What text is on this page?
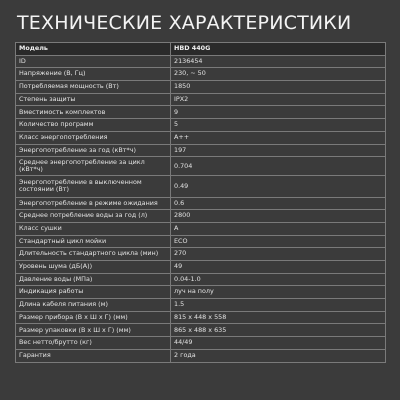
ТЕХНИЧЕСКИЕ ХАРАКТЕРИСТИКИ
Модель	HBD 440G
ID	2136454
Напряжение (В, Гц)	230, ~ 50
Потребляемая мощность (Вт)	1850
Степень защиты	IPX2
Вместимость комплектов	9
Количество программ	5
Класс энергопотребления	A++
Энергопотребление за год (кВт*ч)	197
Среднее энергопотребление за цикл (кВт*ч)	0.704
Энергопотребление в выключенном состоянии (Вт)	0.49
Энергопотребление в режиме ожидания	0.6
Среднее потребление воды за год (л)	2800
Класс сушки	A
Стандартный цикл мойки	ECO
Длительность стандартного цикла (мин)	270
Уровень шума (дБ(А))	49
Давление воды (МПа)	0.04-1.0
Индикация работы	луч на полу
Длина кабеля питания (м)	1.5
Размер прибора (В х Ш х Г) (мм)	815 х 448 х 558
Размер упаковки (В х Ш х Г) (мм)	865 х 488 х 635
Вес нетто/брутто (кг)	44/49
Гарантия	2 года
